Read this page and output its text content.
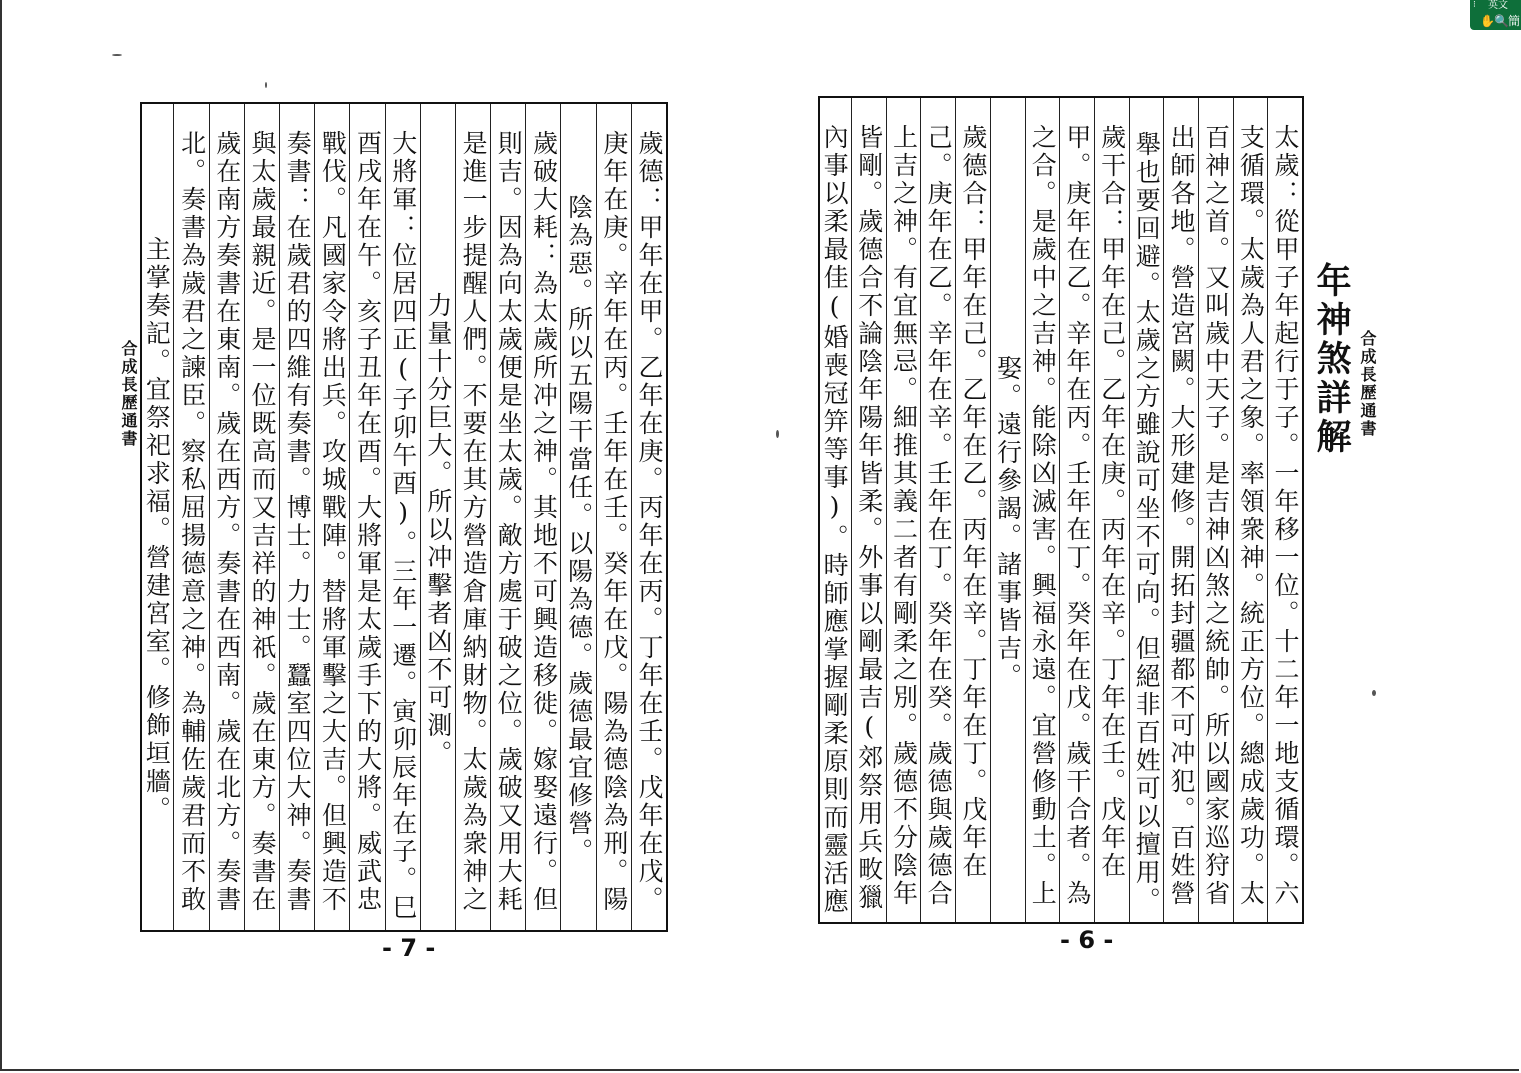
⁝ 英文
✋ 🔍 簡
合成長歷通書
歲德：甲年在甲。乙年在庚。丙年在丙。丁年在壬。戊年在戊。
庚年在庚。辛年在丙。壬年在壬。癸年在戊。陽為德陰為刑。陽
陰為惡。所以五陽干當任。以陽為德。歲德最宜修營。
歲破大耗：為太歲所冲之神。其地不可興造移徙。嫁娶遠行。但
則吉。因為向太歲便是坐太歲。敵方處于破之位。歲破又用大耗
是進一步提醒人們。不要在其方營造倉庫納財物。太歲為衆神之
力量十分巨大。所以冲擊者凶不可測。
大將軍：位居四正(子卯午酉)。三年一遷。寅卯辰年在子。巳
酉戌年在午。亥子丑年在酉。大將軍是太歲手下的大將。威武忠
戰伐。凡國家令將出兵。攻城戰陣。替將軍擊之大吉。但興造不
奏書：在歲君的四維有奏書。博士。力士。蠶室四位大神。奏書
與太歲最親近。是一位既高而又吉祥的神祇。歲在東方。奏書在
歲在南方奏書在東南。歲在西方。奏書在西南。歲在北方。奏書
北。奏書為歲君之諫臣。察私屈揚德意之神。為輔佐歲君而不敢
主掌奏記。宜祭祀求福。營建宮室。修飾垣牆。
- 7 -
合成長歷通書
年神煞詳解
太歲：從甲子年起行于子。一年移一位。十二年一地支循環。六
支循環。太歲為人君之象。率領衆神。統正方位。總成歲功。太
百神之首。又叫歲中天子。是吉神凶煞之統帥。所以國家巡狩省
出師各地。營造宮闕。大形建修。開拓封疆都不可冲犯。百姓營
舉也要回避。太歲之方雖說可坐不可向。但絕非百姓可以擅用。
歲干合：甲年在己。乙年在庚。丙年在辛。丁年在壬。戊年在
甲。庚年在乙。辛年在丙。壬年在丁。癸年在戊。歲干合者。為
之合。是歲中之吉神。能除凶滅害。興福永遠。宜營修動土。上
娶。遠行參謁。諸事皆吉。
歲德合：甲年在己。乙年在乙。丙年在辛。丁年在丁。戊年在
己。庚年在乙。辛年在辛。壬年在丁。癸年在癸。歲德與歲德合
上吉之神。有宜無忌。細推其義二者有剛柔之別。歲德不分陰年
皆剛。歲德合不論陰年陽年皆柔。外事以剛最吉(郊祭用兵畋獵
內事以柔最佳(婚喪冠笄等事)。時師應掌握剛柔原則而靈活應
- 6 -
